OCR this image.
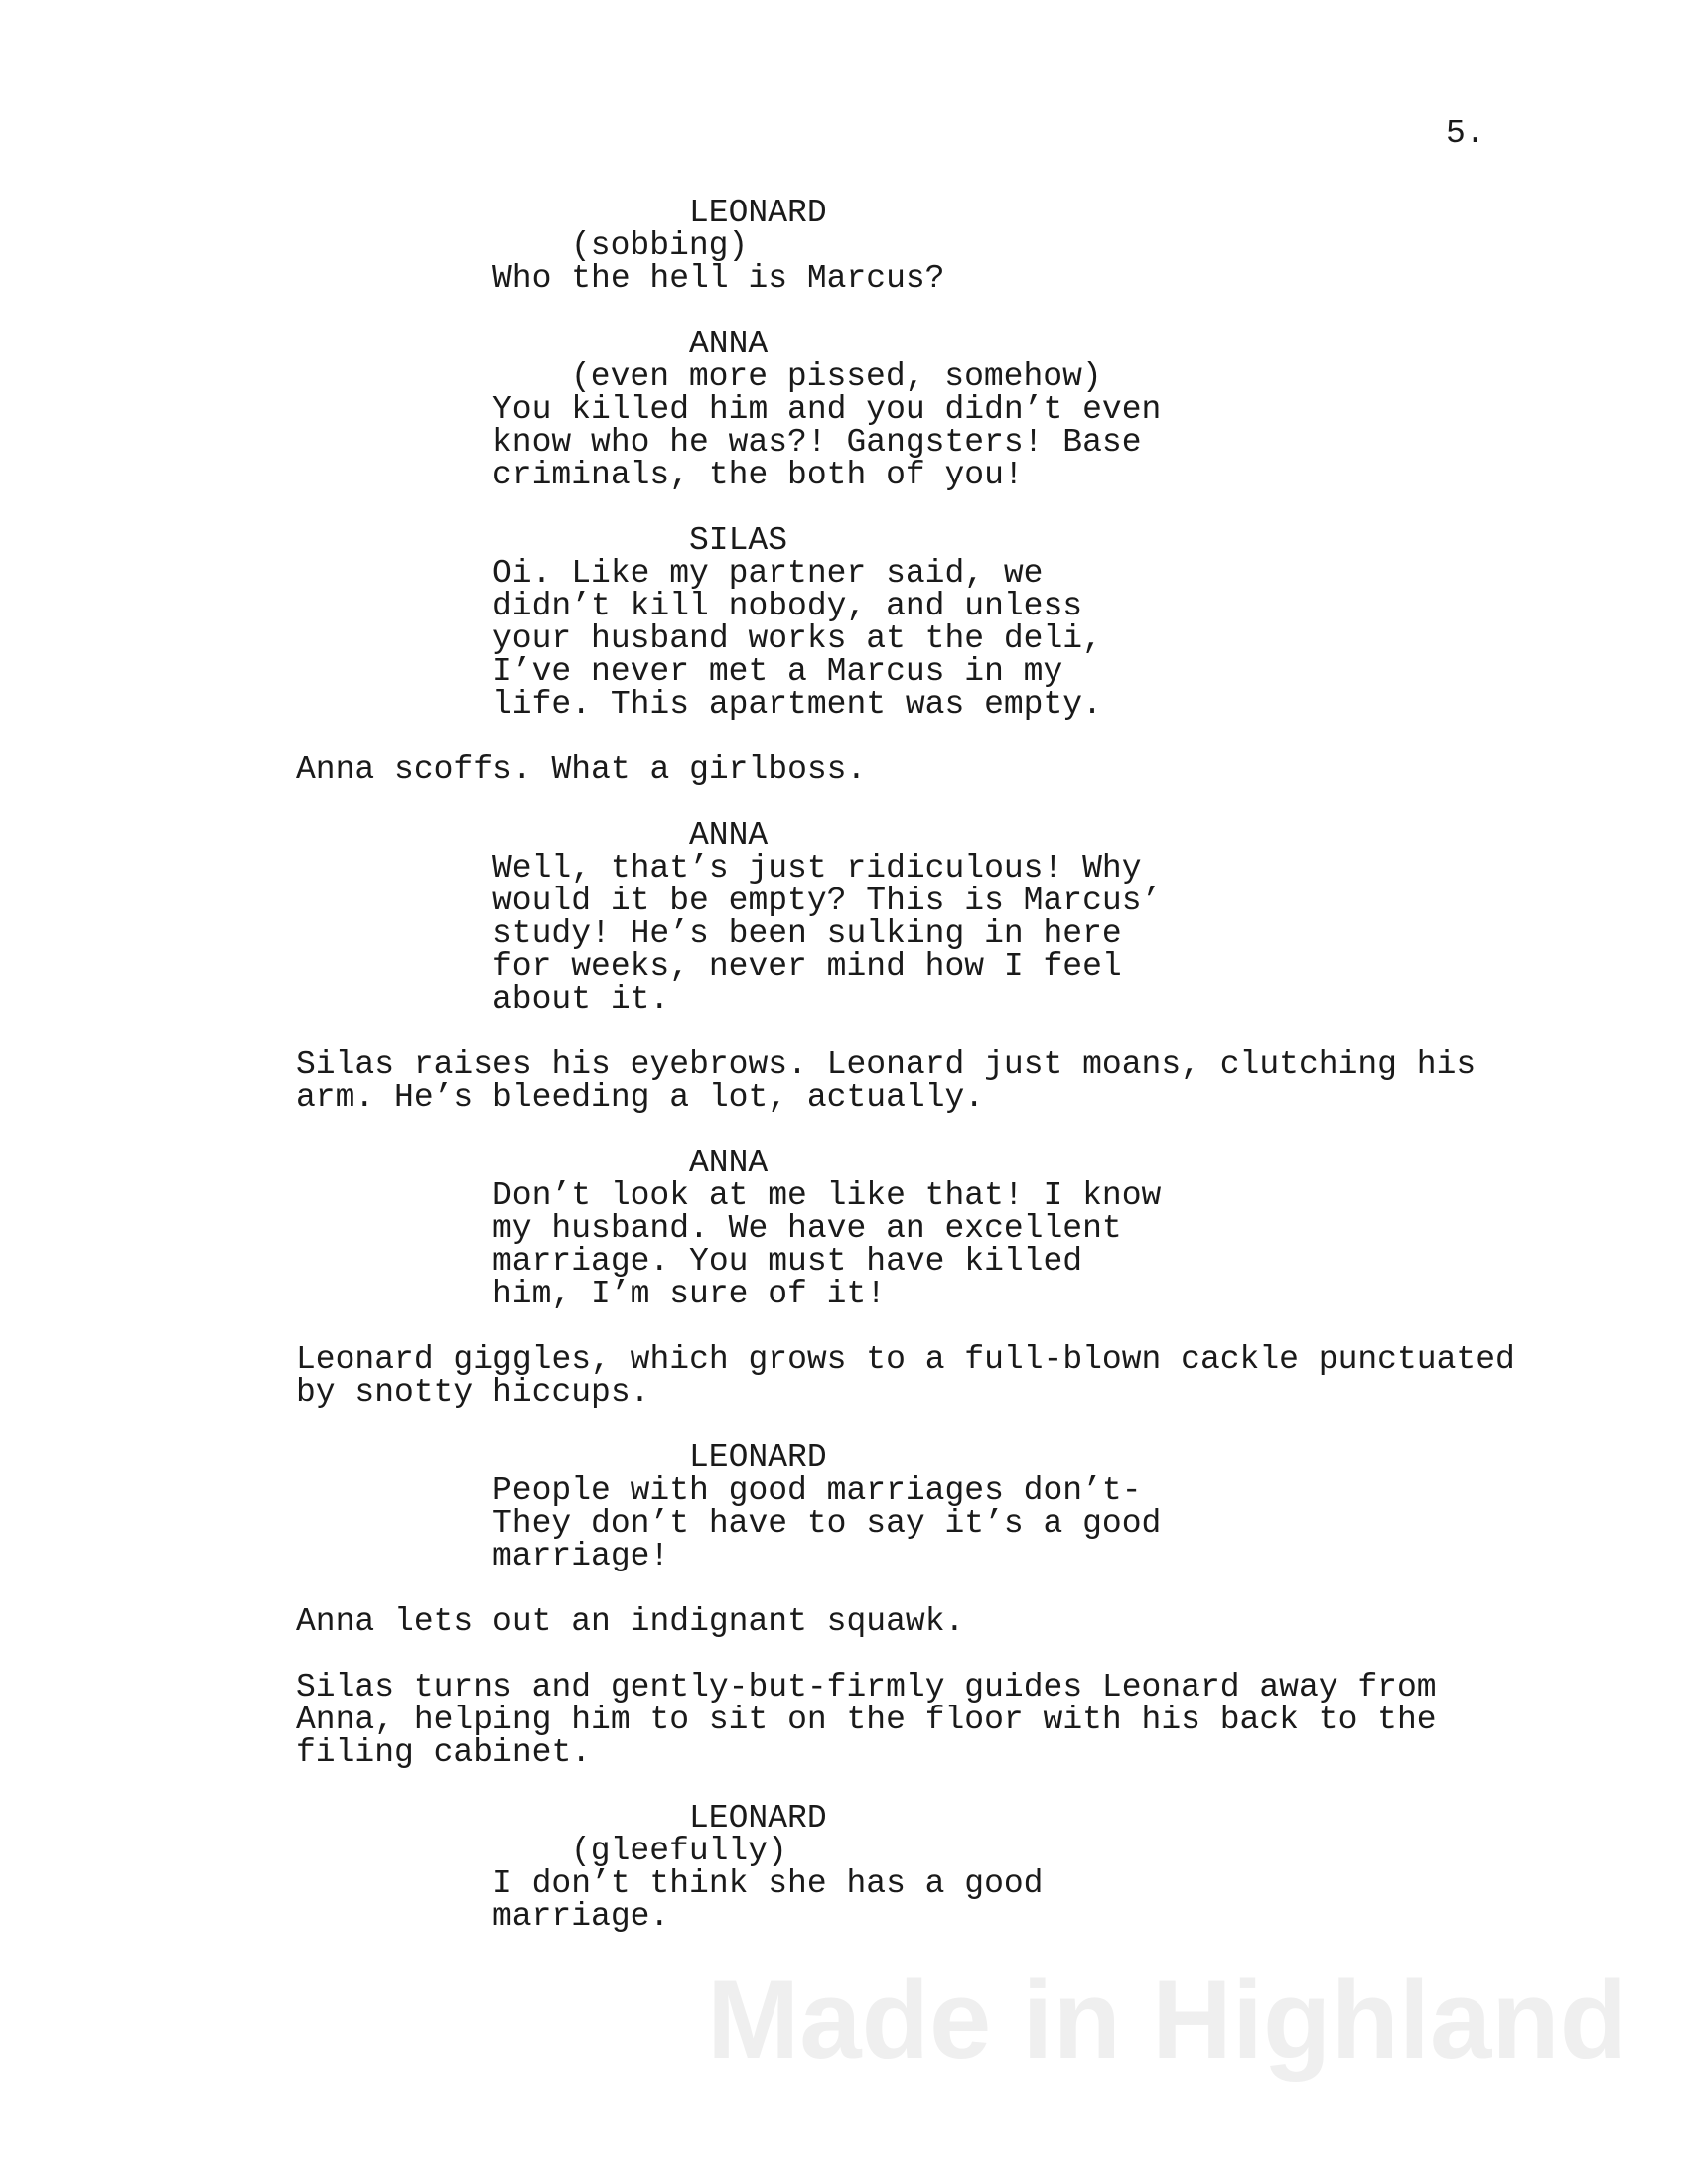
5.
LEONARD
(sobbing)
Who the hell is Marcus?
ANNA
(even more pissed, somehow)
You killed him and you didn’t even
know who he was?! Gangsters! Base
criminals, the both of you!
SILAS
Oi. Like my partner said, we
didn’t kill nobody, and unless
your husband works at the deli,
I’ve never met a Marcus in my
life. This apartment was empty.
Anna scoffs. What a girlboss.
ANNA
Well, that’s just ridiculous! Why
would it be empty? This is Marcus’
study! He’s been sulking in here
for weeks, never mind how I feel
about it.
Silas raises his eyebrows. Leonard just moans, clutching his
arm. He’s bleeding a lot, actually.
ANNA
Don’t look at me like that! I know
my husband. We have an excellent
marriage. You must have killed
him, I’m sure of it!
Leonard giggles, which grows to a full-blown cackle punctuated
by snotty hiccups.
LEONARD
People with good marriages don’t-
They don’t have to say it’s a good
marriage!
Anna lets out an indignant squawk.
Silas turns and gently-but-firmly guides Leonard away from
Anna, helping him to sit on the floor with his back to the
filing cabinet.
LEONARD
(gleefully)
I don’t think she has a good
marriage.
Made in Highland
